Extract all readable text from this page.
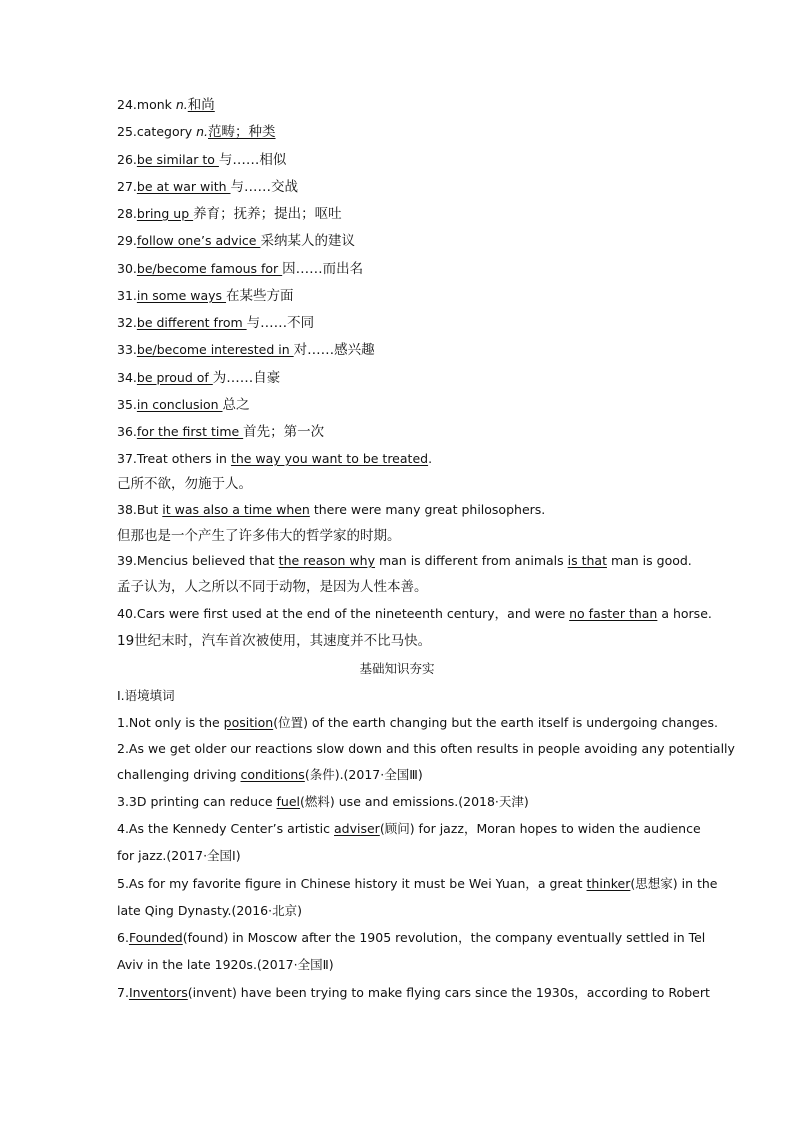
24.monk n.和尚
25.category n.范畴；种类
26.be similar to 与……相似
27.be at war with 与……交战
28.bring up 养育；抚养；提出；呕吐
29.follow one’s advice 采纳某人的建议
30.be/become famous for 因……而出名
31.in some ways 在某些方面
32.be different from 与……不同
33.be/become interested in 对……感兴趣
34.be proud of 为……自豪
35.in conclusion 总之
36.for the first time 首先；第一次
37.Treat others in the way you want to be treated.
己所不欲，勿施于人。
38.But it was also a time when there were many great philosophers.
但那也是一个产生了许多伟大的哲学家的时期。
39.Mencius believed that the reason why man is different from animals is that man is good.
孟子认为，人之所以不同于动物，是因为人性本善。
40.Cars were first used at the end of the nineteenth century，and were no faster than a horse.
19世纪末时，汽车首次被使用，其速度并不比马快。
基础知识夯实
Ⅰ.语境填词
1.Not only is the position(位置) of the earth changing but the earth itself is undergoing changes.
2.As we get older our reactions slow down and this often results in people avoiding any potentially
challenging driving conditions(条件).(2017·全国Ⅲ)
3.3D printing can reduce fuel(燃料) use and emissions.(2018·天津)
4.As the Kennedy Center’s artistic adviser(顾问) for jazz，Moran hopes to widen the audience
for jazz.(2017·全国Ⅰ)
5.As for my favorite figure in Chinese history it must be Wei Yuan，a great thinker(思想家) in the
late Qing Dynasty.(2016·北京)
6.Founded(found) in Moscow after the 1905 revolution，the company eventually settled in Tel
Aviv in the late 1920s.(2017·全国Ⅱ)
7.Inventors(invent) have been trying to make flying cars since the 1930s，according to Robert
